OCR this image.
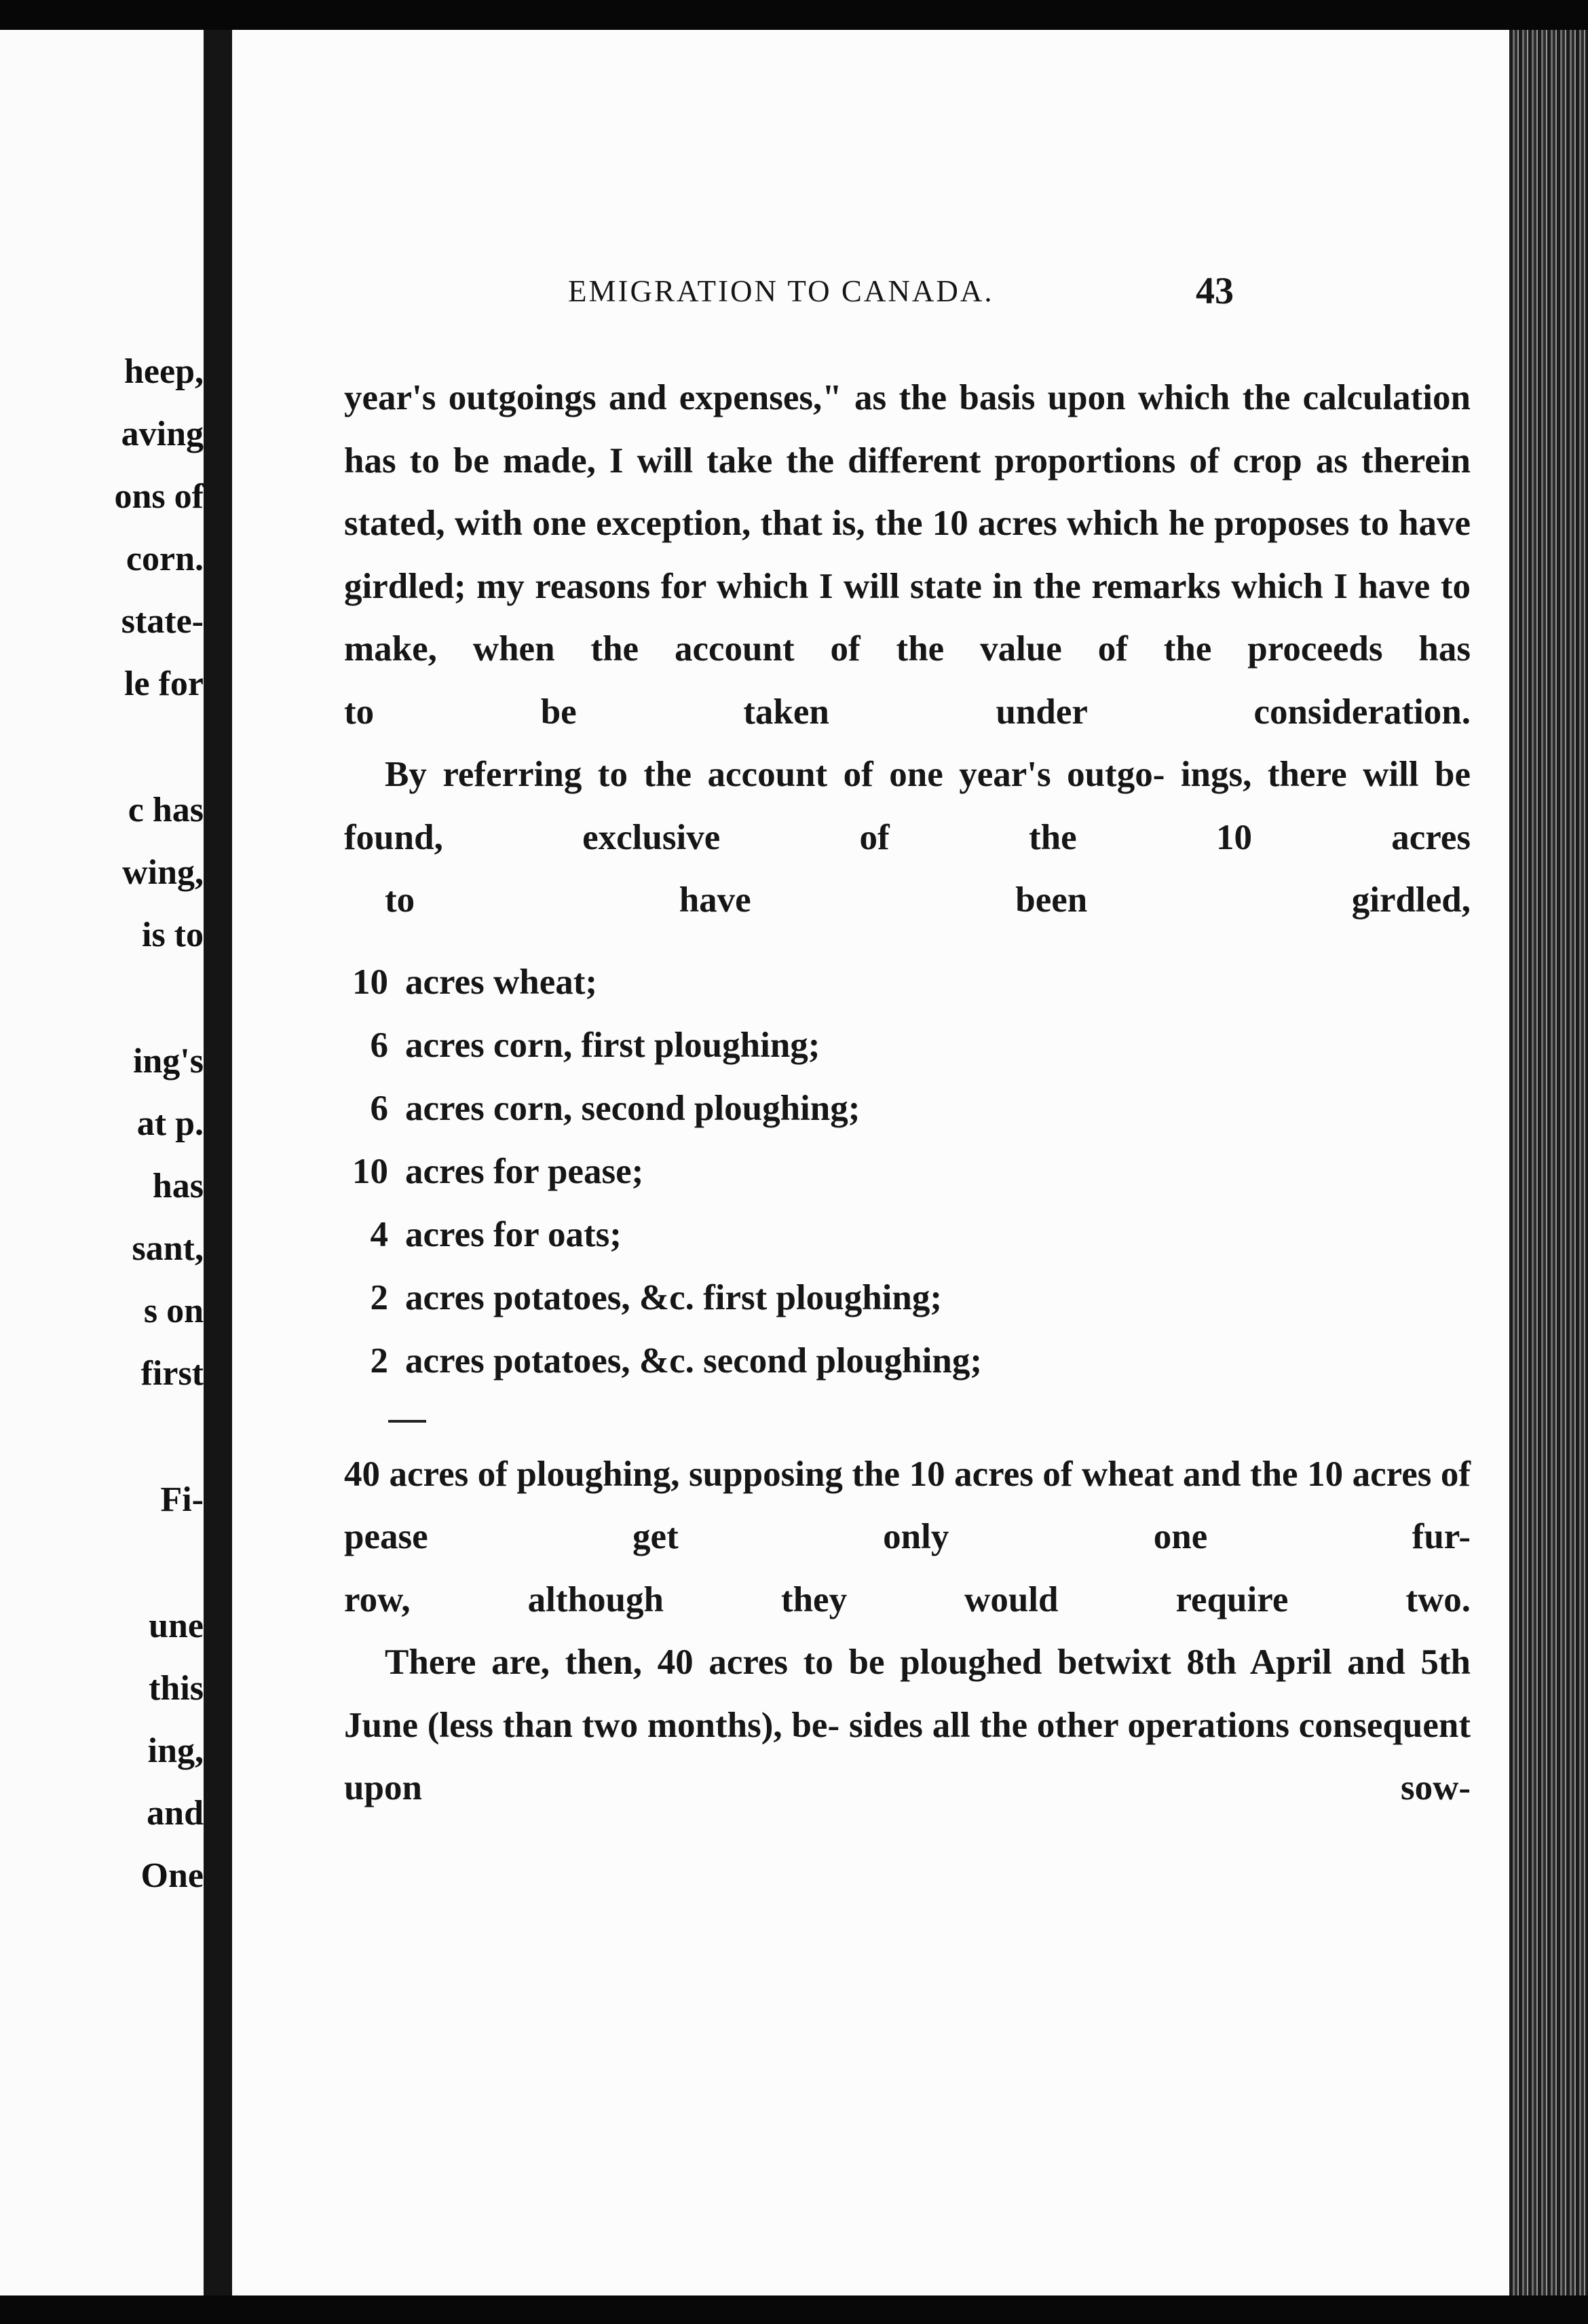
heep,
aving
ons of
corn.
state-
le for
c has
wing,
is to
ing's
at p.
has
sant,
s on
first
Fi-
une
this
ing,
and
One
EMIGRATION TO CANADA.	43

year's outgoings and expenses," as the basis upon which the calculation has to be made, I will take the different proportions of crop as therein stated, with one exception, that is, the 10 acres which he proposes to have girdled; my reasons for which I will state in the remarks which I have to make, when the account of the value of the proceeds has
to be taken under consideration.

By referring to the account of one year's outgo- ings, there will be found, exclusive of the 10 acres
to have been girdled,

10 acres wheat;
6 acres corn, first ploughing;
6 acres corn, second ploughing;
10 acres for pease;
4 acres for oats;
2 acres potatoes, &c. first ploughing;
2 acres potatoes, &c. second ploughing;

40 acres of ploughing, supposing the 10 acres of wheat and the 10 acres of pease get only one fur-
row, although they would require two.

There are, then, 40 acres to be ploughed betwixt 8th April and 5th June (less than two months), be- sides all the other operations consequent upon sow-
